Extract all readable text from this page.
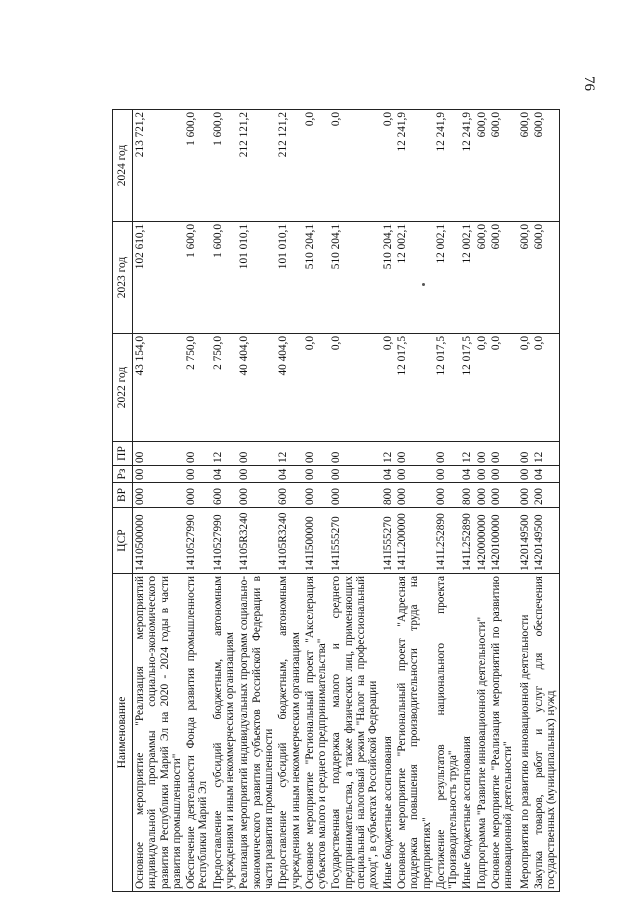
76
Наименование	ЦСР	ВР	Рз	ПР	2022 год	2023 год	2024 год
Основное мероприятие "Реализация мероприятий индивидуальной программы социально-экономического развития Республики Марий Эл на 2020 - 2024 годы в части развития промышленности"	1410500000	000	00	00	43 154,0	102 610,1	213 721,2
Обеспечение деятельности Фонда развития промышленности Республики Марий Эл	1410527990	000	00	00	2 750,0	1 600,0	1 600,0
Предоставление субсидий бюджетным, автономным учреждениям и иным некоммерческим организациям	1410527990	600	04	12	2 750,0	1 600,0	1 600,0
Реализация мероприятий индивидуальных программ социально-экономического развития субъектов Российской Федерации в части развития промышленности	14105R3240	000	00	00	40 404,0	101 010,1	212 121,2
Предоставление субсидий бюджетным, автономным учреждениям и иным некоммерческим организациям	14105R3240	600	04	12	40 404,0	101 010,1	212 121,2
Основное мероприятие "Региональный проект "Акселерация субъектов малого и среднего предпринимательства"	141I500000	000	00	00	0,0	510 204,1	0,0
Государственная поддержка малого и среднего предпринимательства, а также физических лиц, применяющих специальный налоговый режим "Налог на профессиональный доход", в субъектах Российской Федерации	141I555270	000	00	00	0,0	510 204,1	0,0
Иные бюджетные ассигнования	141I555270	800	04	12	0,0	510 204,1	0,0
Основное мероприятие "Региональный проект "Адресная поддержка повышения производительности труда на предприятиях"	141L200000	000	00	00	12 017,5	12 002,1	12 241,9
Достижение результатов национального проекта "Производительность труда"	141L252890	000	00	00	12 017,5	12 002,1	12 241,9
Иные бюджетные ассигнования	141L252890	800	04	12	12 017,5	12 002,1	12 241,9
Подпрограмма "Развитие инновационной деятельности"	1420000000	000	00	00	0,0	600,0	600,0
Основное мероприятие "Реализация мероприятий по развитию инновационной деятельности"	1420100000	000	00	00	0,0	600,0	600,0
Мероприятия по развитию инновационной деятельности	1420149500	000	00	00	0,0	600,0	600,0
Закупка товаров, работ и услуг для обеспечения государственных (муниципальных) нужд	1420149500	200	04	12	0,0	600,0	600,0
